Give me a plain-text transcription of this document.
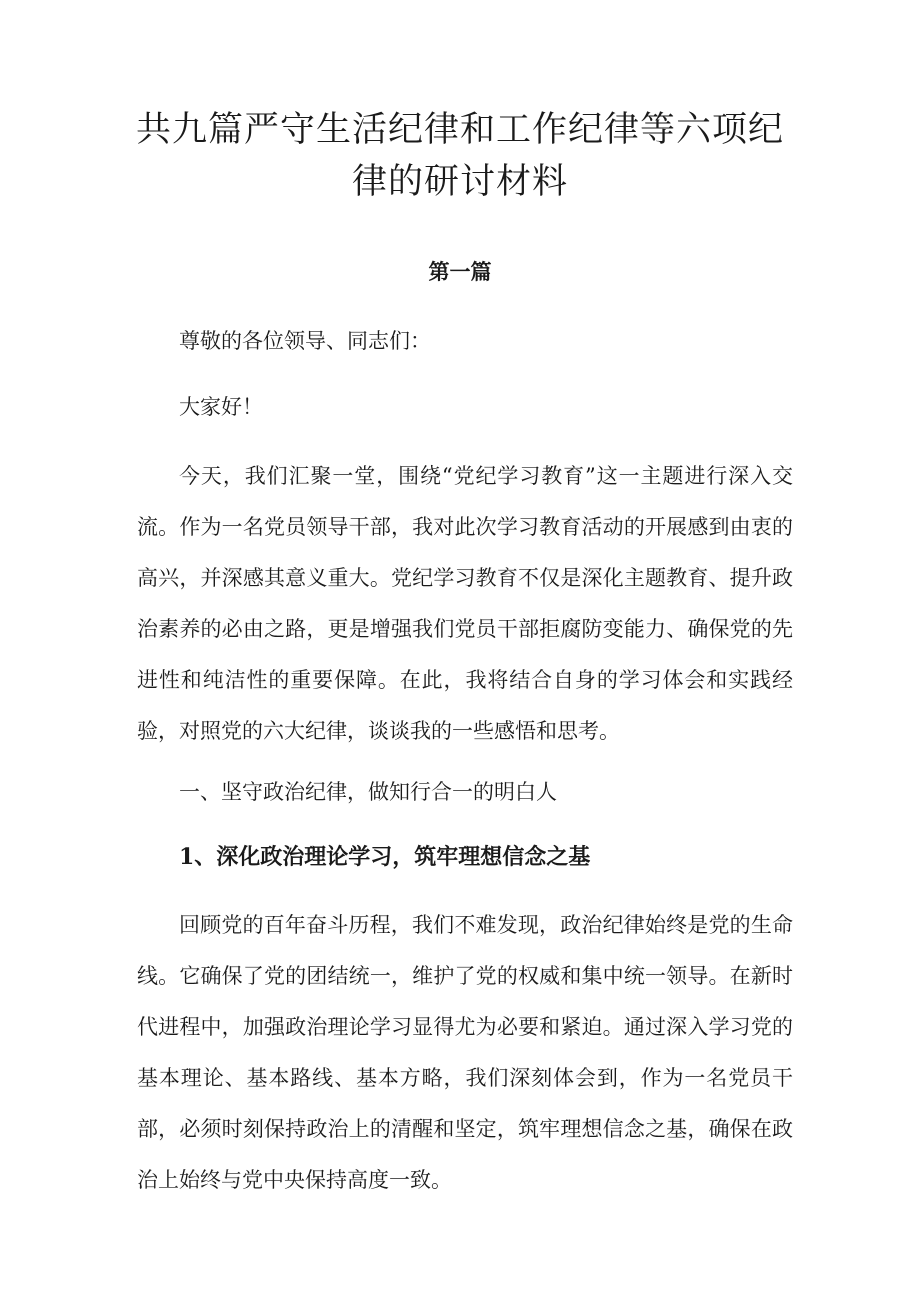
共九篇严守生活纪律和工作纪律等六项纪律的研讨材料
第一篇

尊敬的各位领导、同志们：

大家好！

今天，我们汇聚一堂，围绕“党纪学习教育”这一主题进行深入交流。作为一名党员领导干部，我对此次学习教育活动的开展感到由衷的高兴，并深感其意义重大。党纪学习教育不仅是深化主题教育、提升政治素养的必由之路，更是增强我们党员干部拒腐防变能力、确保党的先进性和纯洁性的重要保障。在此，我将结合自身的学习体会和实践经验，对照党的六大纪律，谈谈我的一些感悟和思考。

一、坚守政治纪律，做知行合一的明白人

1、深化政治理论学习，筑牢理想信念之基

回顾党的百年奋斗历程，我们不难发现，政治纪律始终是党的生命线。它确保了党的团结统一，维护了党的权威和集中统一领导。在新时代进程中，加强政治理论学习显得尤为必要和紧迫。通过深入学习党的基本理论、基本路线、基本方略，我们深刻体会到，作为一名党员干部，必须时刻保持政治上的清醒和坚定，筑牢理想信念之基，确保在政治上始终与党中央保持高度一致。
